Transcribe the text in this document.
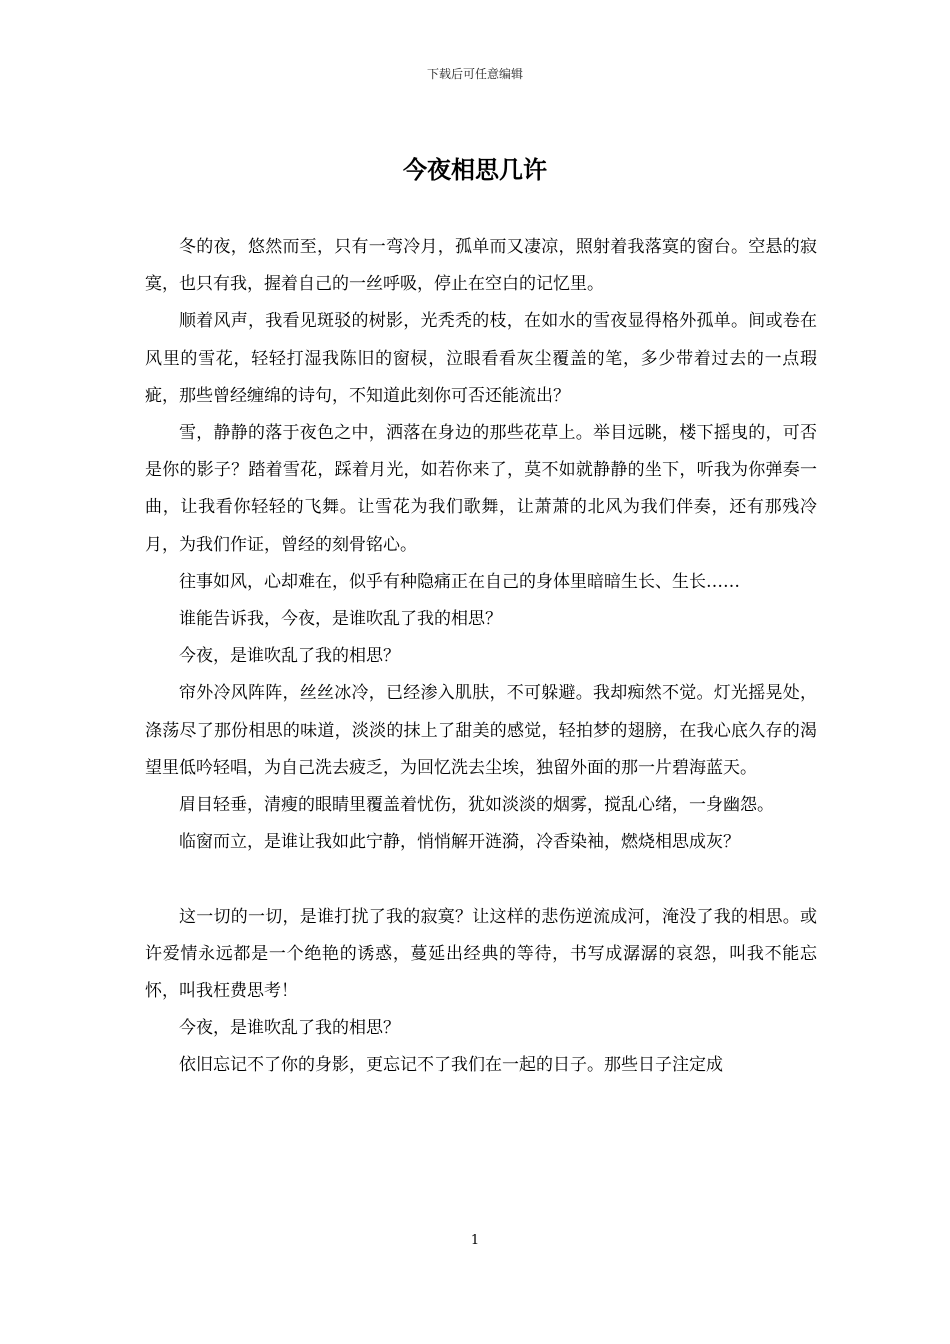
下载后可任意编辑
今夜相思几许

冬的夜，悠然而至，只有一弯冷月，孤单而又凄凉，照射着我落寞的窗台。空悬的寂寞，也只有我，握着自己的一丝呼吸，停止在空白的记忆里。

顺着风声，我看见斑驳的树影，光秃秃的枝，在如水的雪夜显得格外孤单。间或卷在风里的雪花，轻轻打湿我陈旧的窗棂，泣眼看看灰尘覆盖的笔，多少带着过去的一点瑕疵，那些曾经缠绵的诗句，不知道此刻你可否还能流出？

雪，静静的落于夜色之中，洒落在身边的那些花草上。举目远眺，楼下摇曳的，可否是你的影子？踏着雪花，踩着月光，如若你来了，莫不如就静静的坐下，听我为你弹奏一曲，让我看你轻轻的飞舞。让雪花为我们歌舞，让萧萧的北风为我们伴奏，还有那残冷月，为我们作证，曾经的刻骨铭心。

往事如风，心却难在，似乎有种隐痛正在自己的身体里暗暗生长、生长……

谁能告诉我，今夜，是谁吹乱了我的相思？

今夜，是谁吹乱了我的相思？

帘外冷风阵阵，丝丝冰冷，已经渗入肌肤，不可躲避。我却痴然不觉。灯光摇晃处，涤荡尽了那份相思的味道，淡淡的抹上了甜美的感觉，轻拍梦的翅膀，在我心底久存的渴望里低吟轻唱，为自己洗去疲乏，为回忆洗去尘埃，独留外面的那一片碧海蓝天。

眉目轻垂，清瘦的眼睛里覆盖着忧伤，犹如淡淡的烟雾，搅乱心绪，一身幽怨。

临窗而立，是谁让我如此宁静，悄悄解开涟漪，冷香染袖，燃烧相思成灰？

这一切的一切，是谁打扰了我的寂寞？让这样的悲伤逆流成河，淹没了我的相思。或许爱情永远都是一个绝艳的诱惑，蔓延出经典的等待，书写成潺潺的哀怨，叫我不能忘怀，叫我枉费思考！

今夜，是谁吹乱了我的相思？

依旧忘记不了你的身影，更忘记不了我们在一起的日子。那些日子注定成

1
